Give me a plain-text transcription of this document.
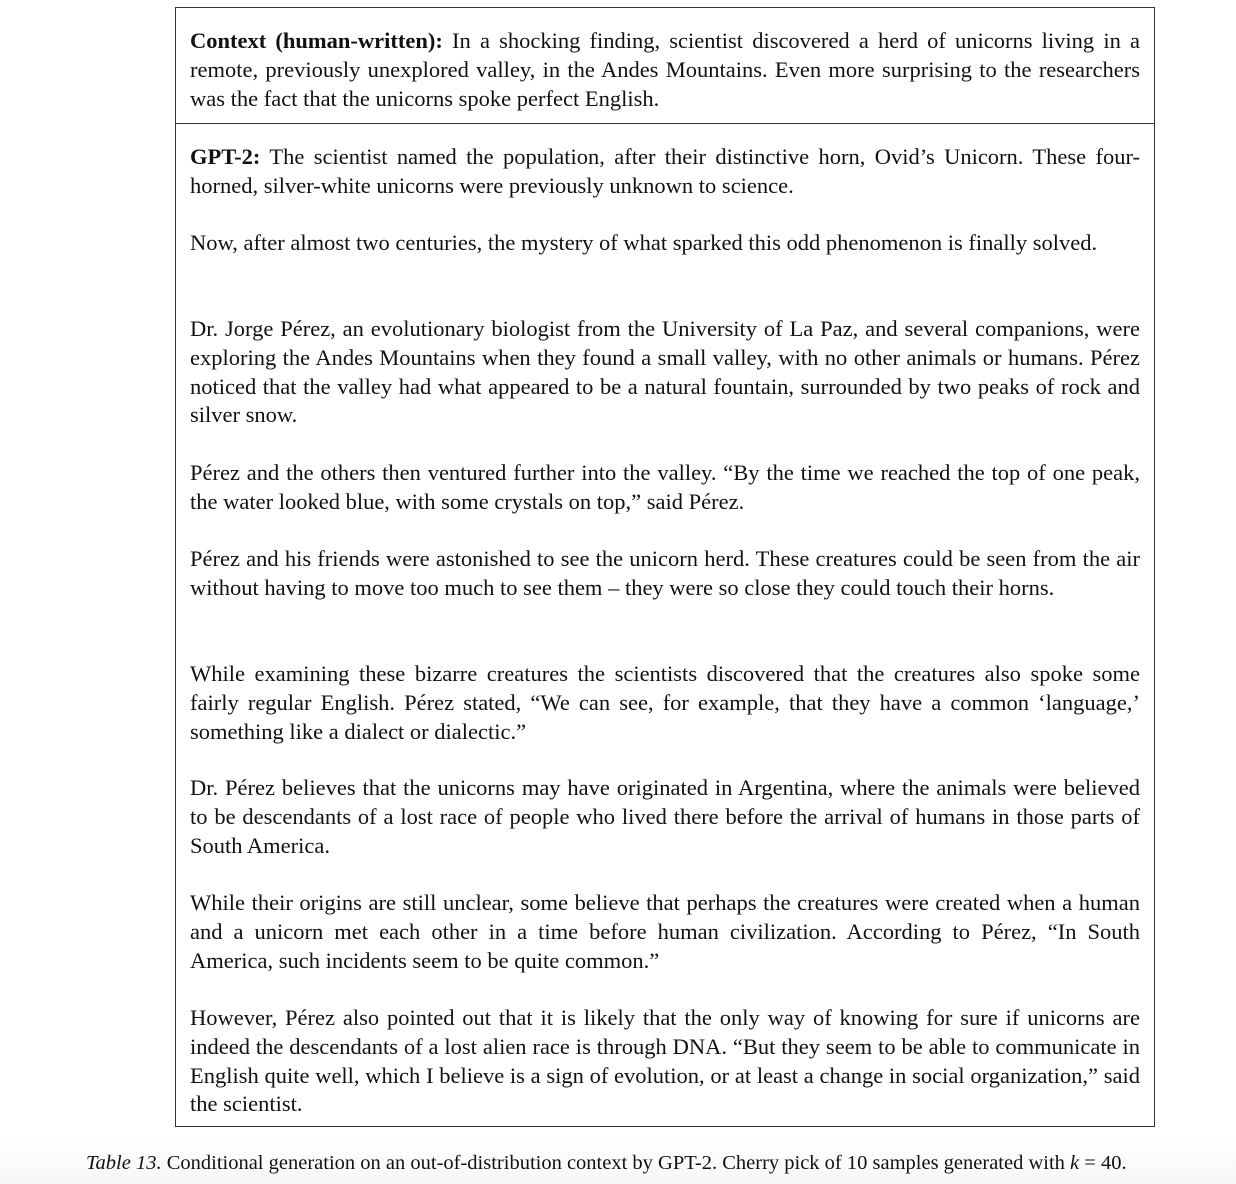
Context (human-written): In a shocking finding, scientist discovered a herd of unicorns living in a remote, previously unexplored valley, in the Andes Mountains. Even more surprising to the researchers was the fact that the unicorns spoke perfect English.

GPT-2: The scientist named the population, after their distinctive horn, Ovid’s Unicorn. These four-horned, silver-white unicorns were previously unknown to science.

Now, after almost two centuries, the mystery of what sparked this odd phenomenon is finally solved.

Dr. Jorge Pérez, an evolutionary biologist from the University of La Paz, and several companions, were exploring the Andes Mountains when they found a small valley, with no other animals or humans. Pérez noticed that the valley had what appeared to be a natural fountain, surrounded by two peaks of rock and silver snow.

Pérez and the others then ventured further into the valley. “By the time we reached the top of one peak, the water looked blue, with some crystals on top,” said Pérez.

Pérez and his friends were astonished to see the unicorn herd. These creatures could be seen from the air without having to move too much to see them – they were so close they could touch their horns.

While examining these bizarre creatures the scientists discovered that the creatures also spoke some fairly regular English. Pérez stated, “We can see, for example, that they have a common ‘language,’ something like a dialect or dialectic.”

Dr. Pérez believes that the unicorns may have originated in Argentina, where the animals were believed to be descendants of a lost race of people who lived there before the arrival of humans in those parts of South America.

While their origins are still unclear, some believe that perhaps the creatures were created when a human and a unicorn met each other in a time before human civilization. According to Pérez, “In South America, such incidents seem to be quite common.”

However, Pérez also pointed out that it is likely that the only way of knowing for sure if unicorns are indeed the descendants of a lost alien race is through DNA. “But they seem to be able to communicate in English quite well, which I believe is a sign of evolution, or at least a change in social organization,” said the scientist.

Table 13. Conditional generation on an out-of-distribution context by GPT-2. Cherry pick of 10 samples generated with k = 40.
